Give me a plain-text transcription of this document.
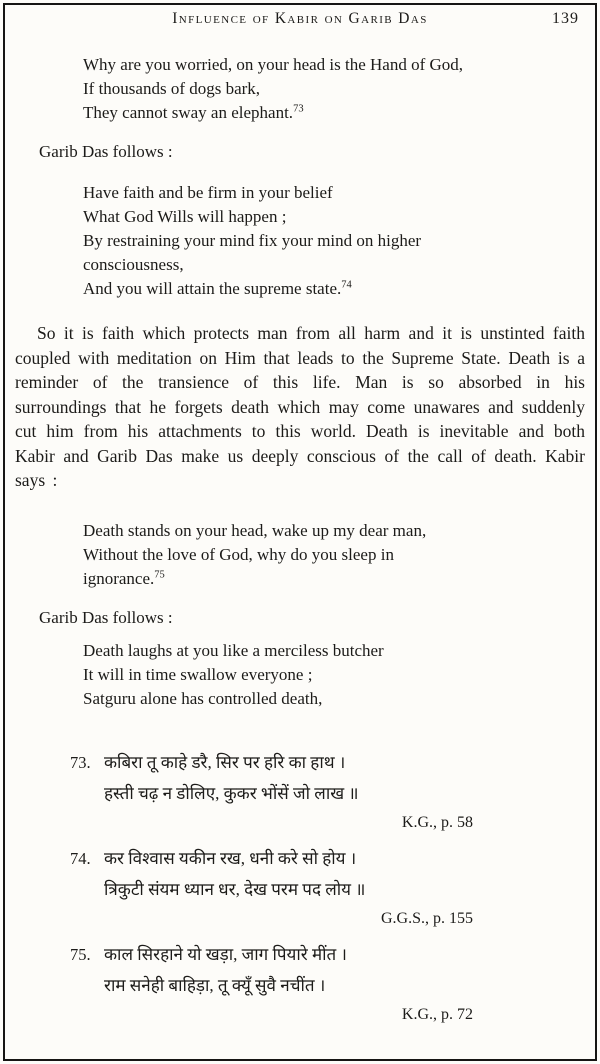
Influence of Kabir on Garib Das	139
Why are you worried, on your head is the Hand of God,
If thousands of dogs bark,
They cannot sway an elephant.$^{73}$
Garib Das follows :
Have faith and be firm in your belief
What God Wills will happen ;
By restraining your mind fix your mind on higher
consciousness,
And you will attain the supreme state.$^{74}$
So it is faith which protects man from all harm and it is unstinted faith coupled with meditation on Him that leads to the Supreme State. Death is a reminder of the transience of this life. Man is so absorbed in his surroundings that he forgets death which may come unawares and suddenly cut him from his attachments to this world. Death is inevitable and both Kabir and Garib Das make us deeply conscious of the call of death. Kabir says :
Death stands on your head, wake up my dear man,
Without the love of God, why do you sleep in
ignorance.$^{75}$
Garib Das follows :
Death laughs at you like a merciless butcher
It will in time swallow everyone ;
Satguru alone has controlled death,
73. कबिरा तू काहे डरै, सिर पर हरि का हाथ ।
हस्ती चढ़ न डोलिए, कुकर भोंसें जो लाख ॥
K.G., p. 58
74. कर विश्वास यकीन रख, धनी करे सो होय ।
त्रिकुटी संयम ध्यान धर, देख परम पद लोय ॥
G.G.S., p. 155
75. काल सिरहाने यो खड़ा, जाग पियारे मींत ।
राम सनेही बाहिड़ा, तू क्यूँ सुवै नचींत ।
K.G., p. 72
